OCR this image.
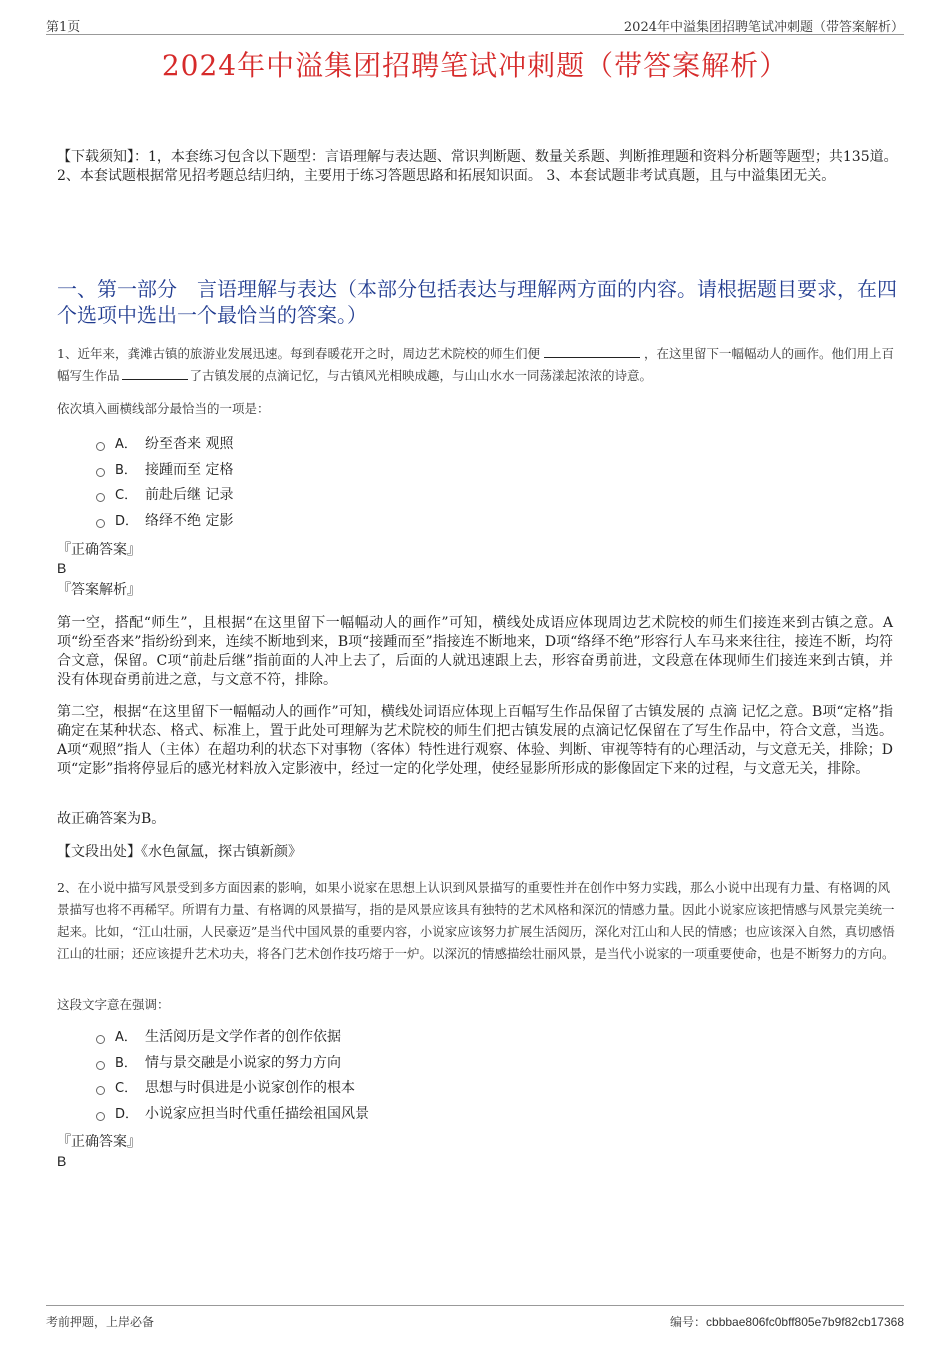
第1页	2024年中溢集团招聘笔试冲刺题（带答案解析）
2024年中溢集团招聘笔试冲刺题（带答案解析）
【下载须知】：1，本套练习包含以下题型：言语理解与表达题、常识判断题、数量关系题、判断推理题和资料分析题等题型；共135道。 2、本套试题根据常见招考题总结归纳，主要用于练习答题思路和拓展知识面。 3、本套试题非考试真题，且与中溢集团无关。
一、第一部分　言语理解与表达（本部分包括表达与理解两方面的内容。请根据题目要求，在四个选项中选出一个最恰当的答案。）
1、近年来，龚滩古镇的旅游业发展迅速。每到春暖花开之时，周边艺术院校的师生们便	，在这里留下一幅幅动人的画作。他们用上百幅写生作品	了古镇发展的点滴记忆，与古镇风光相映成趣，与山山水水一同荡漾起浓浓的诗意。
依次填入画横线部分最恰当的一项是：
A． 纷至沓来 观照
B． 接踵而至 定格
C． 前赴后继 记录
D． 络绎不绝 定影
『正确答案』
B
『答案解析』
第一空，搭配“师生”，且根据“在这里留下一幅幅动人的画作”可知，横线处成语应体现周边艺术院校的师生们接连来到古镇之意。A项“纷至沓来”指纷纷到来，连续不断地到来，B项“接踵而至”指接连不断地来，D项“络绎不绝”形容行人车马来来往往，接连不断，均符合文意，保留。C项“前赴后继”指前面的人冲上去了，后面的人就迅速跟上去，形容奋勇前进，文段意在体现师生们接连来到古镇，并没有体现奋勇前进之意，与文意不符，排除。
第二空，根据“在这里留下一幅幅动人的画作”可知，横线处词语应体现上百幅写生作品保留了古镇发展的 点滴 记忆之意。B项“定格”指确定在某种状态、格式、标准上，置于此处可理解为艺术院校的师生们把古镇发展的点滴记忆保留在了写生作品中，符合文意，当选。A项“观照”指人（主体）在超功利的状态下对事物（客体）特性进行观察、体验、判断、审视等特有的心理活动，与文意无关，排除；D项“定影”指将停显后的感光材料放入定影液中，经过一定的化学处理，使经显影所形成的影像固定下来的过程，与文意无关，排除。
故正确答案为B。
【文段出处】《水色氤氲，探古镇新颜》
2、在小说中描写风景受到多方面因素的影响，如果小说家在思想上认识到风景描写的重要性并在创作中努力实践，那么小说中出现有力量、有格调的风景描写也将不再稀罕。所谓有力量、有格调的风景描写，指的是风景应该具有独特的艺术风格和深沉的情感力量。因此小说家应该把情感与风景完美统一起来。比如，“江山壮丽，人民豪迈”是当代中国风景的重要内容，小说家应该努力扩展生活阅历，深化对江山和人民的情感；也应该深入自然，真切感悟江山的壮丽；还应该提升艺术功夫，将各门艺术创作技巧熔于一炉。以深沉的情感描绘壮丽风景，是当代小说家的一项重要使命，也是不断努力的方向。
这段文字意在强调：
A． 生活阅历是文学作者的创作依据
B． 情与景交融是小说家的努力方向
C． 思想与时俱进是小说家创作的根本
D． 小说家应担当时代重任描绘祖国风景
『正确答案』
B
考前押题，上岸必备	编号：cbbbae806fc0bff805e7b9f82cb17368
